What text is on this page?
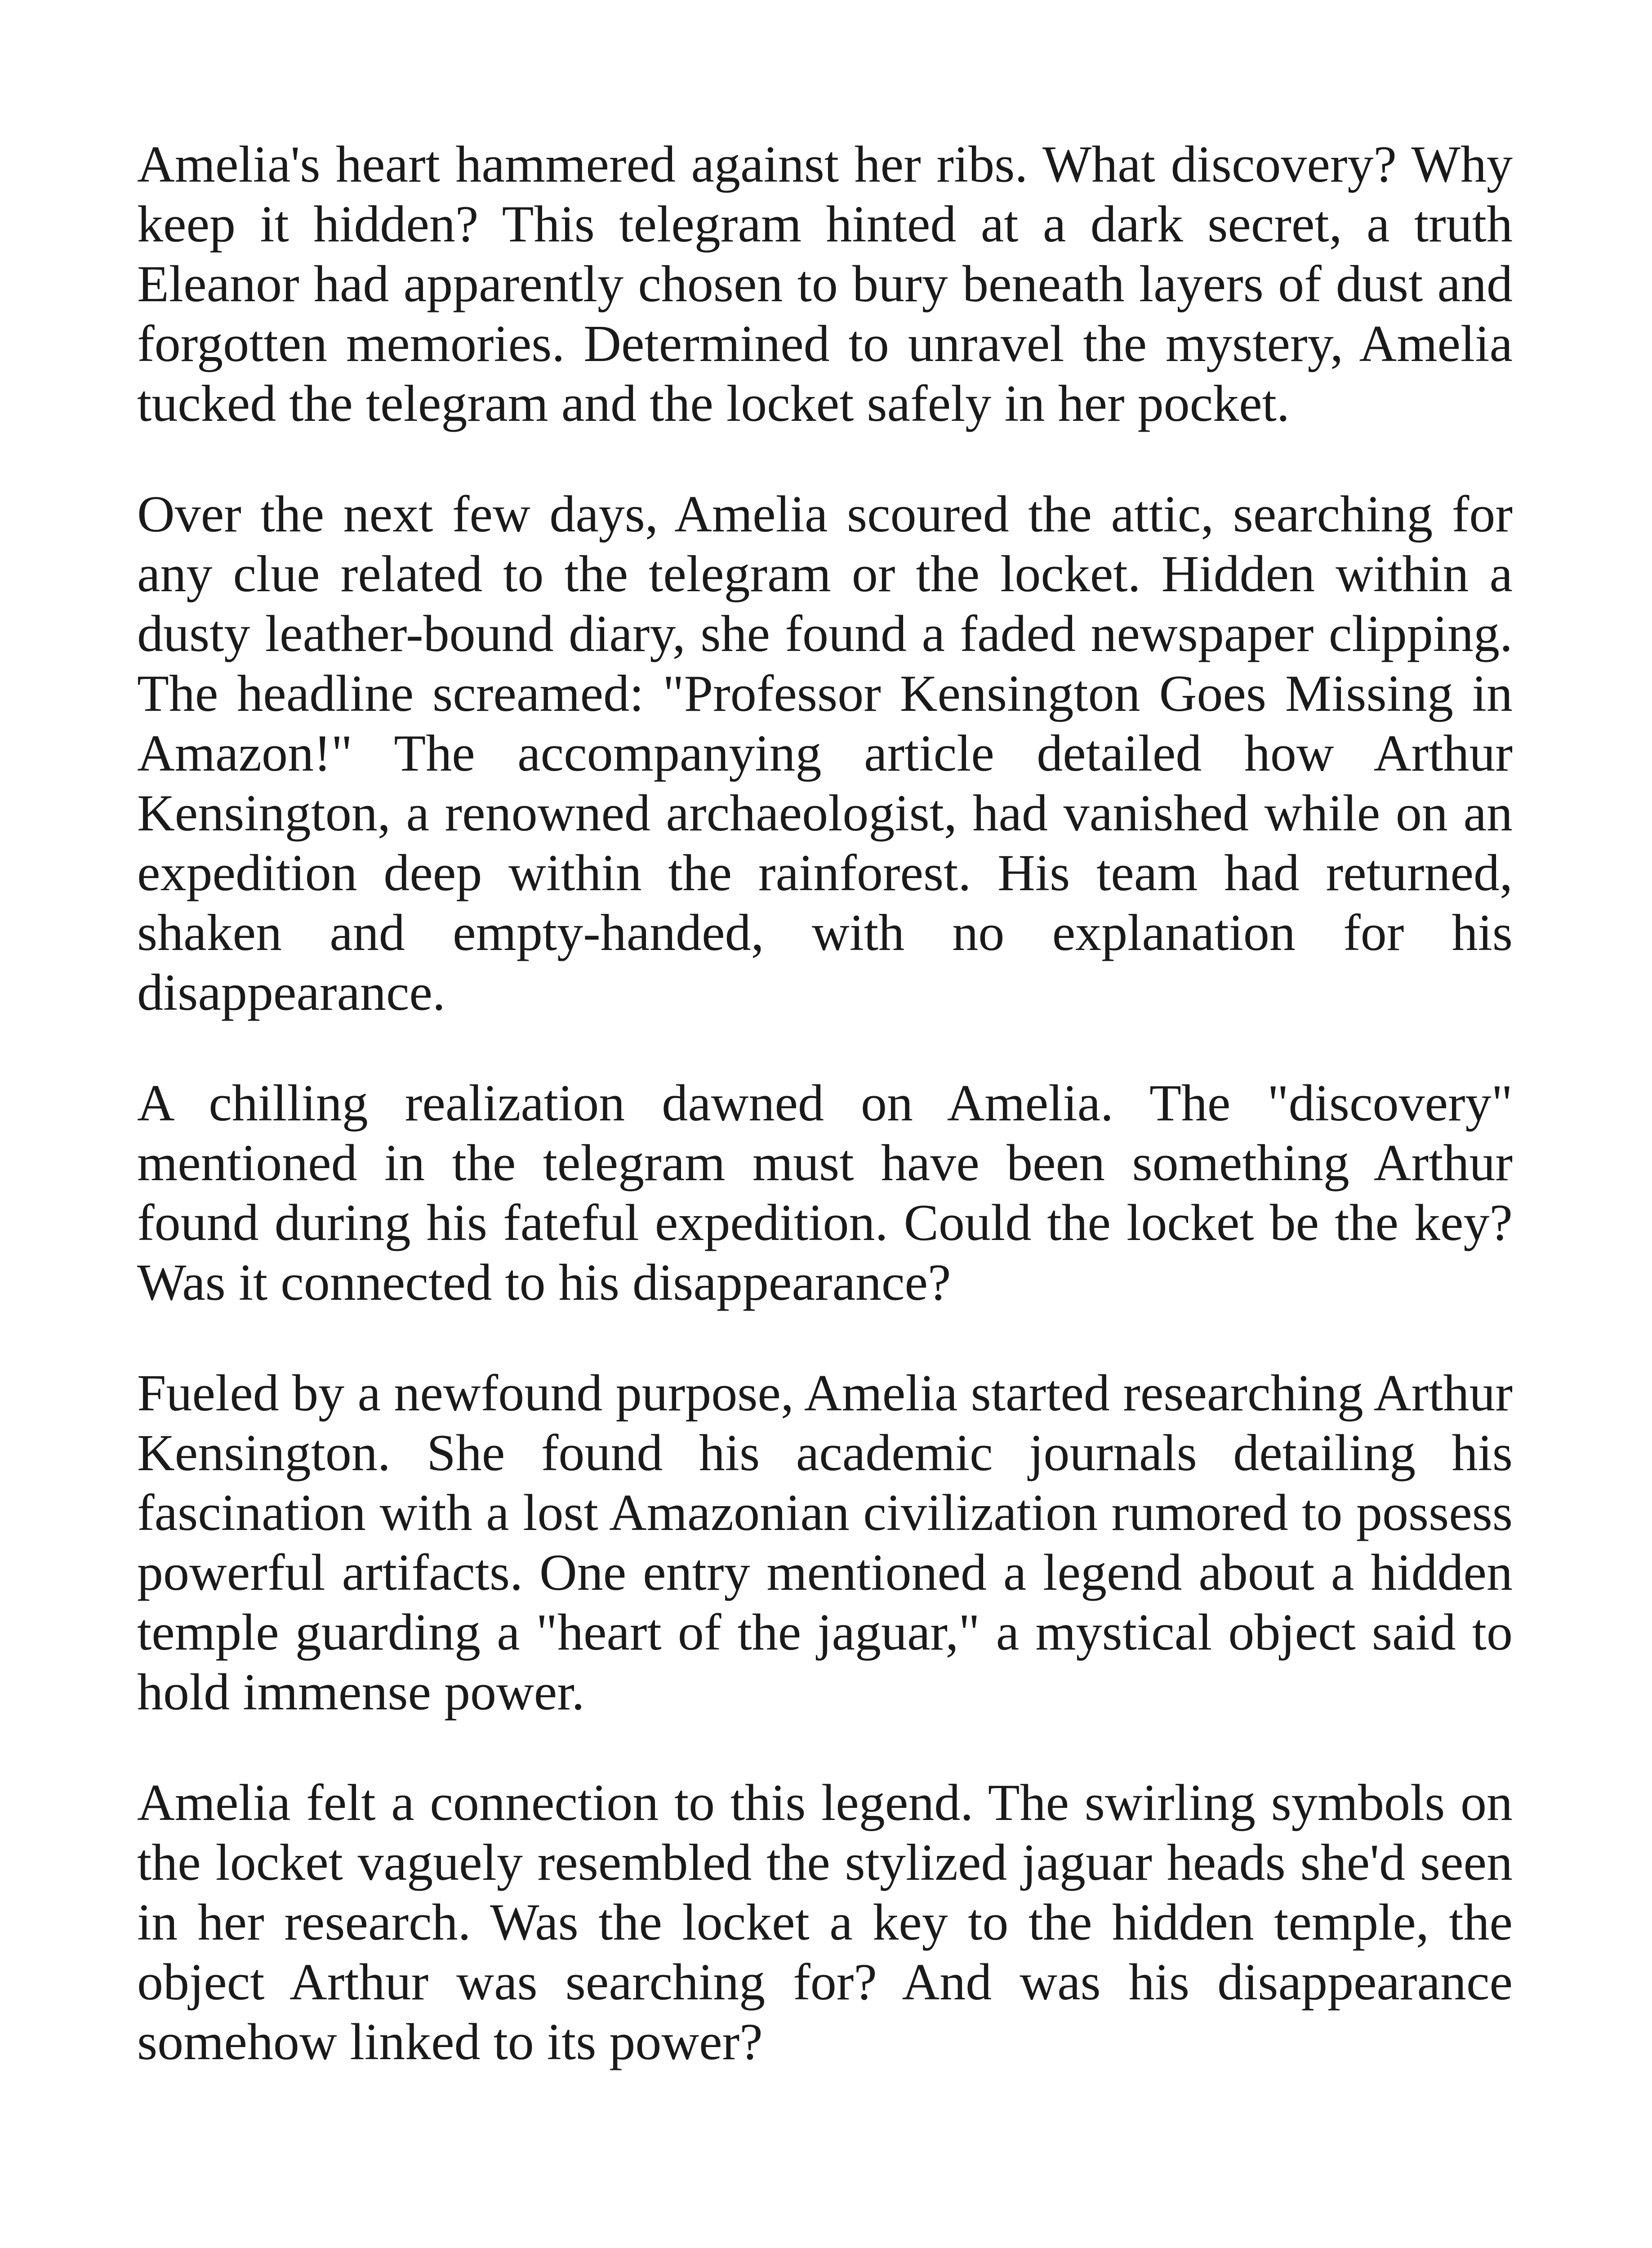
Amelia's heart hammered against her ribs. What discovery? Why keep it hidden? This telegram hinted at a dark secret, a truth Eleanor had apparently chosen to bury beneath layers of dust and forgotten memories. Determined to unravel the mystery, Amelia tucked the telegram and the locket safely in her pocket.

Over the next few days, Amelia scoured the attic, searching for any clue related to the telegram or the locket. Hidden within a dusty leather-bound diary, she found a faded newspaper clipping. The headline screamed: "Professor Kensington Goes Missing in Amazon!" The accompanying article detailed how Arthur Kensington, a renowned archaeologist, had vanished while on an expedition deep within the rainforest. His team had returned, shaken and empty-handed, with no explanation for his disappearance.

A chilling realization dawned on Amelia. The "discovery" mentioned in the telegram must have been something Arthur found during his fateful expedition. Could the locket be the key? Was it connected to his disappearance?

Fueled by a newfound purpose, Amelia started researching Arthur Kensington. She found his academic journals detailing his fascination with a lost Amazonian civilization rumored to possess powerful artifacts. One entry mentioned a legend about a hidden temple guarding a "heart of the jaguar," a mystical object said to hold immense power.

Amelia felt a connection to this legend. The swirling symbols on the locket vaguely resembled the stylized jaguar heads she'd seen in her research. Was the locket a key to the hidden temple, the object Arthur was searching for? And was his disappearance somehow linked to its power?
